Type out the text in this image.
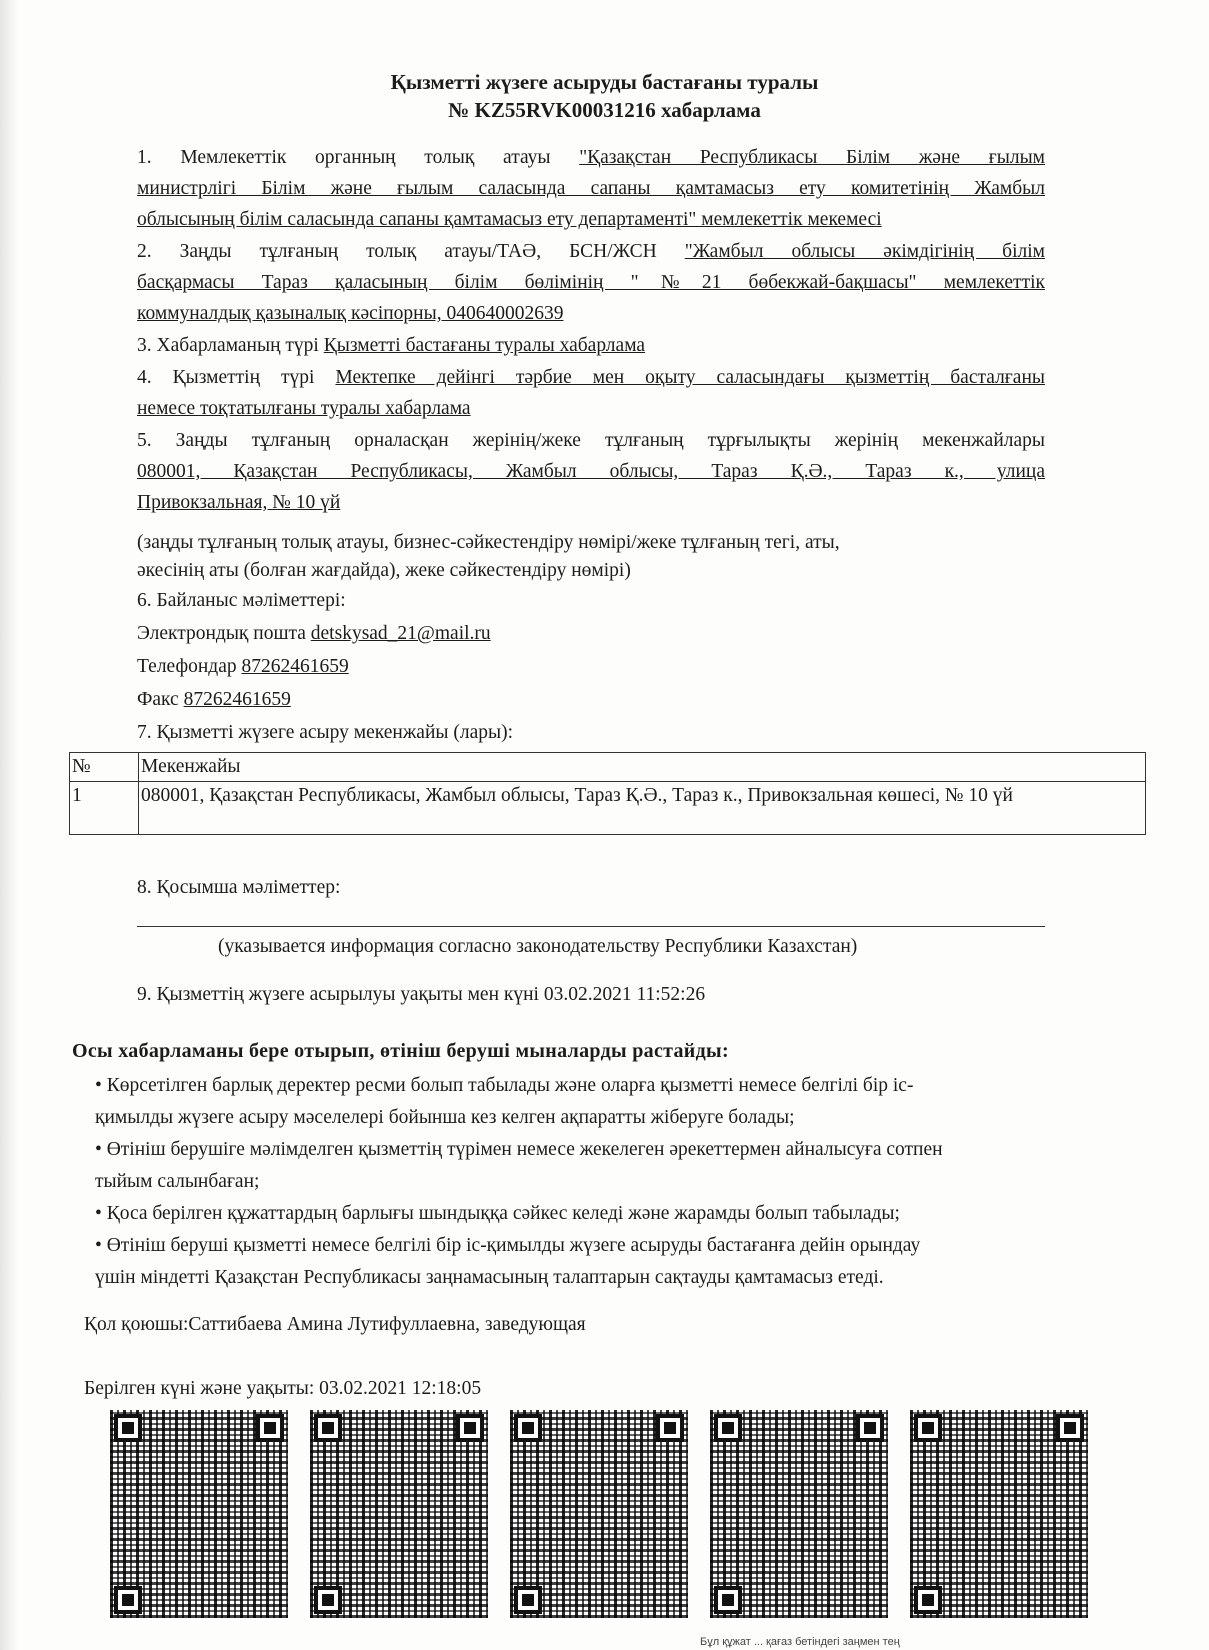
Қызметті жүзеге асыруды бастағаны туралы
№ KZ55RVK00031216 хабарлама
1. Мемлекеттік органның толық атауы "Қазақстан Республикасы Білім және ғылым
министрлігі Білім және ғылым саласында сапаны қамтамасыз ету комитетінің Жамбыл
облысының білім саласында сапаны қамтамасыз ету департаменті" мемлекеттік мекемесі
2. Заңды тұлғаның толық атауы/ТАӘ, БСН/ЖСН "Жамбыл облысы әкімдігінің білім
басқармасы Тараз қаласының білім бөлімінің "№21 бөбекжай-бақшасы" мемлекеттік
коммуналдық қазыналық кәсіпорны, 040640002639
3. Хабарламаның түрі Қызметті бастағаны туралы хабарлама
4. Қызметтің түрі Мектепке дейінгі тәрбие мен оқыту саласындағы қызметтің басталғаны
немесе тоқтатылғаны туралы хабарлама
5. Заңды тұлғаның орналасқан жерінің/жеке тұлғаның тұрғылықты жерінің мекенжайлары
080001, Қазақстан Республикасы, Жамбыл облысы, Тараз Қ.Ә., Тараз к., улица
Привокзальная, № 10 үй
(заңды тұлғаның толық атауы, бизнес-сәйкестендіру нөмірі/жеке тұлғаның тегі, аты,
әкесінің аты (болған жағдайда), жеке сәйкестендіру нөмірі)
6. Байланыс мәліметтері:
Электрондық пошта detskysad_21@mail.ru
Телефондар 87262461659
Факс 87262461659
7. Қызметті жүзеге асыру мекенжайы (лары):
№	Мекенжайы
1	080001, Қазақстан Республикасы, Жамбыл облысы, Тараз Қ.Ә., Тараз к., Привокзальная көшесі, № 10 үй
8. Қосымша мәліметтер:
(указывается информация согласно законодательству Республики Казахстан)
9. Қызметтің жүзеге асырылуы уақыты мен күні 03.02.2021 11:52:26
Осы хабарламаны бере отырып, өтініш беруші мыналарды растайды:
• Көрсетілген барлық деректер ресми болып табылады және оларға қызметті немесе белгілі бір іс-
қимылды жүзеге асыру мәселелері бойынша кез келген ақпаратты жіберуге болады;
• Өтініш берушіге мәлімделген қызметтің түрімен немесе жекелеген әрекеттермен айналысуға сотпен
тыйым салынбаған;
• Қоса берілген құжаттардың барлығы шындыққа сәйкес келеді және жарамды болып табылады;
• Өтініш беруші қызметті немесе белгілі бір іс-қимылды жүзеге асыруды бастағанға дейін орындау
үшін міндетті Қазақстан Республикасы заңнамасының талаптарын сақтауды қамтамасыз етеді.
Қол қоюшы:Саттибаева Амина Лутифуллаевна, заведующая
Берілген күні және уақыты: 03.02.2021 12:18:05
Бұл құжат ... қағаз бетіндегі заңмен тең
